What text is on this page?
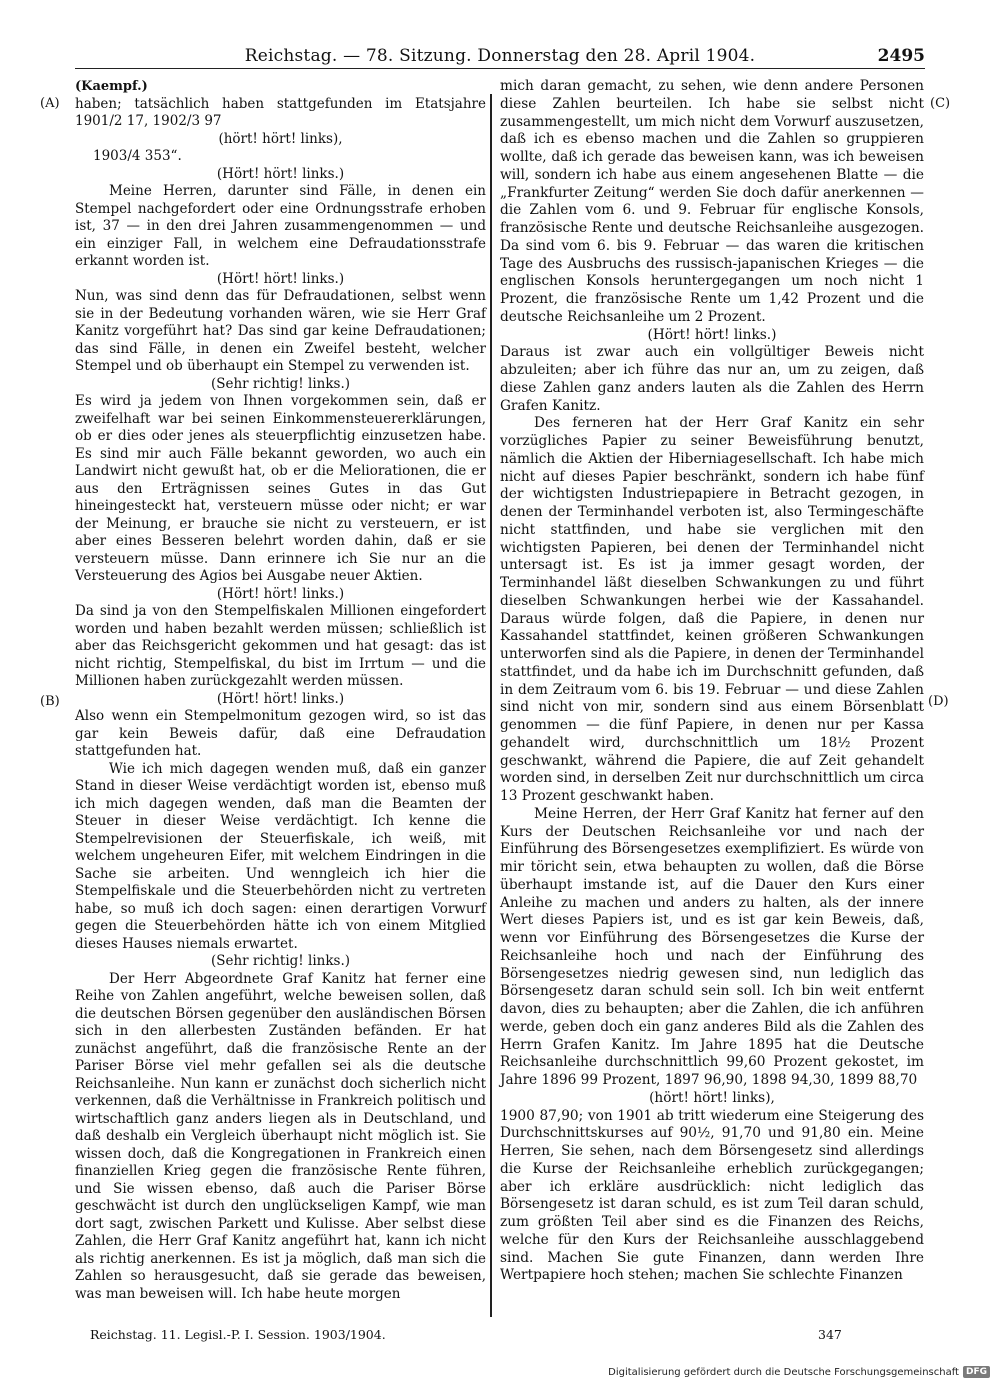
Reichstag. — 78. Sitzung. Donnerstag den 28. April 1904.	2495
(A)
(B)
(C)
(D)

(Kaempf.)

haben; tatsächlich haben stattgefunden im Etatsjahre 1901/2 17, 1902/3 97

(hört! hört! links),

1903/4 353“.

(Hört! hört! links.)

Meine Herren, darunter sind Fälle, in denen ein Stempel nachgefordert oder eine Ordnungsstrafe erhoben ist, 37 — in den drei Jahren zusammengenommen — und ein einziger Fall, in welchem eine Defraudationsstrafe erkannt worden ist.

(Hört! hört! links.)

Nun, was sind denn das für Defraudationen, selbst wenn sie in der Bedeutung vorhanden wären, wie sie Herr Graf Kanitz vorgeführt hat? Das sind gar keine Defraudationen; das sind Fälle, in denen ein Zweifel besteht, welcher Stempel und ob überhaupt ein Stempel zu verwenden ist.

(Sehr richtig! links.)

Es wird ja jedem von Ihnen vorgekommen sein, daß er zweifelhaft war bei seinen Einkommensteuererklärungen, ob er dies oder jenes als steuerpflichtig einzusetzen habe. Es sind mir auch Fälle bekannt geworden, wo auch ein Landwirt nicht gewußt hat, ob er die Meliorationen, die er aus den Erträgnissen seines Gutes in das Gut hineingesteckt hat, versteuern müsse oder nicht; er war der Meinung, er brauche sie nicht zu versteuern, er ist aber eines Besseren belehrt worden dahin, daß er sie versteuern müsse. Dann erinnere ich Sie nur an die Versteuerung des Agios bei Ausgabe neuer Aktien.

(Hört! hört! links.)

Da sind ja von den Stempelfiskalen Millionen eingefordert worden und haben bezahlt werden müssen; schließlich ist aber das Reichsgericht gekommen und hat gesagt: das ist nicht richtig, Stempelfiskal, du bist im Irrtum — und die Millionen haben zurückgezahlt werden müssen.

(Hört! hört! links.)

Also wenn ein Stempelmonitum gezogen wird, so ist das gar kein Beweis dafür, daß eine Defraudation stattgefunden hat.

Wie ich mich dagegen wenden muß, daß ein ganzer Stand in dieser Weise verdächtigt worden ist, ebenso muß ich mich dagegen wenden, daß man die Beamten der Steuer in dieser Weise verdächtigt. Ich kenne die Stempelrevisionen der Steuerfiskale, ich weiß, mit welchem ungeheuren Eifer, mit welchem Eindringen in die Sache sie arbeiten. Und wenngleich ich hier die Stempelfiskale und die Steuerbehörden nicht zu vertreten habe, so muß ich doch sagen: einen derartigen Vorwurf gegen die Steuerbehörden hätte ich von einem Mitglied dieses Hauses niemals erwartet.

(Sehr richtig! links.)

Der Herr Abgeordnete Graf Kanitz hat ferner eine Reihe von Zahlen angeführt, welche beweisen sollen, daß die deutschen Börsen gegenüber den ausländischen Börsen sich in den allerbesten Zuständen befänden. Er hat zunächst angeführt, daß die französische Rente an der Pariser Börse viel mehr gefallen sei als die deutsche Reichsanleihe. Nun kann er zunächst doch sicherlich nicht verkennen, daß die Verhältnisse in Frankreich politisch und wirtschaftlich ganz anders liegen als in Deutschland, und daß deshalb ein Vergleich überhaupt nicht möglich ist. Sie wissen doch, daß die Kongregationen in Frankreich einen finanziellen Krieg gegen die französische Rente führen, und Sie wissen ebenso, daß auch die Pariser Börse geschwächt ist durch den unglückseligen Kampf, wie man dort sagt, zwischen Parkett und Kulisse. Aber selbst diese Zahlen, die Herr Graf Kanitz angeführt hat, kann ich nicht als richtig anerkennen. Es ist ja möglich, daß man sich die Zahlen so herausgesucht, daß sie gerade das beweisen, was man beweisen will. Ich habe heute morgen

mich daran gemacht, zu sehen, wie denn andere Personen diese Zahlen beurteilen. Ich habe sie selbst nicht zusammengestellt, um mich nicht dem Vorwurf auszusetzen, daß ich es ebenso machen und die Zahlen so gruppieren wollte, daß ich gerade das beweisen kann, was ich beweisen will, sondern ich habe aus einem angesehenen Blatte — die „Frankfurter Zeitung“ werden Sie doch dafür anerkennen — die Zahlen vom 6. und 9. Februar für englische Konsols, französische Rente und deutsche Reichsanleihe ausgezogen. Da sind vom 6. bis 9. Februar — das waren die kritischen Tage des Ausbruchs des russisch-japanischen Krieges — die englischen Konsols heruntergegangen um noch nicht 1 Prozent, die französische Rente um 1,42 Prozent und die deutsche Reichsanleihe um 2 Prozent.

(Hört! hört! links.)

Daraus ist zwar auch ein vollgültiger Beweis nicht abzuleiten; aber ich führe das nur an, um zu zeigen, daß diese Zahlen ganz anders lauten als die Zahlen des Herrn Grafen Kanitz.

Des ferneren hat der Herr Graf Kanitz ein sehr vorzügliches Papier zu seiner Beweisführung benutzt, nämlich die Aktien der Hiberniagesellschaft. Ich habe mich nicht auf dieses Papier beschränkt, sondern ich habe fünf der wichtigsten Industriepapiere in Betracht gezogen, in denen der Terminhandel verboten ist, also Termingeschäfte nicht stattfinden, und habe sie verglichen mit den wichtigsten Papieren, bei denen der Terminhandel nicht untersagt ist. Es ist ja immer gesagt worden, der Terminhandel läßt dieselben Schwankungen zu und führt dieselben Schwankungen herbei wie der Kassahandel. Daraus würde folgen, daß die Papiere, in denen nur Kassahandel stattfindet, keinen größeren Schwankungen unterworfen sind als die Papiere, in denen der Terminhandel stattfindet, und da habe ich im Durchschnitt gefunden, daß in dem Zeitraum vom 6. bis 19. Februar — und diese Zahlen sind nicht von mir, sondern sind aus einem Börsenblatt genommen — die fünf Papiere, in denen nur per Kassa gehandelt wird, durchschnittlich um 18½ Prozent geschwankt, während die Papiere, die auf Zeit gehandelt worden sind, in derselben Zeit nur durchschnittlich um circa 13 Prozent geschwankt haben.

Meine Herren, der Herr Graf Kanitz hat ferner auf den Kurs der Deutschen Reichsanleihe vor und nach der Einführung des Börsengesetzes exemplifiziert. Es würde von mir töricht sein, etwa behaupten zu wollen, daß die Börse überhaupt imstande ist, auf die Dauer den Kurs einer Anleihe zu machen und anders zu halten, als der innere Wert dieses Papiers ist, und es ist gar kein Beweis, daß, wenn vor Einführung des Börsengesetzes die Kurse der Reichsanleihe hoch und nach der Einführung des Börsengesetzes niedrig gewesen sind, nun lediglich das Börsengesetz daran schuld sein soll. Ich bin weit entfernt davon, dies zu behaupten; aber die Zahlen, die ich anführen werde, geben doch ein ganz anderes Bild als die Zahlen des Herrn Grafen Kanitz. Im Jahre 1895 hat die Deutsche Reichsanleihe durchschnittlich 99,60 Prozent gekostet, im Jahre 1896 99 Prozent, 1897 96,90, 1898 94,30, 1899 88,70

(hört! hört! links),

1900 87,90; von 1901 ab tritt wiederum eine Steigerung des Durchschnittskurses auf 90½, 91,70 und 91,80 ein. Meine Herren, Sie sehen, nach dem Börsengesetz sind allerdings die Kurse der Reichsanleihe erheblich zurückgegangen; aber ich erkläre ausdrücklich: nicht lediglich das Börsengesetz ist daran schuld, es ist zum Teil daran schuld, zum größten Teil aber sind es die Finanzen des Reichs, welche für den Kurs der Reichsanleihe ausschlaggebend sind. Machen Sie gute Finanzen, dann werden Ihre Wertpapiere hoch stehen; machen Sie schlechte Finanzen

Reichstag. 11. Legisl.-P. I. Session. 1903/1904.	347
Digitalisierung gefördert durch die Deutsche Forschungsgemeinschaft DFG
